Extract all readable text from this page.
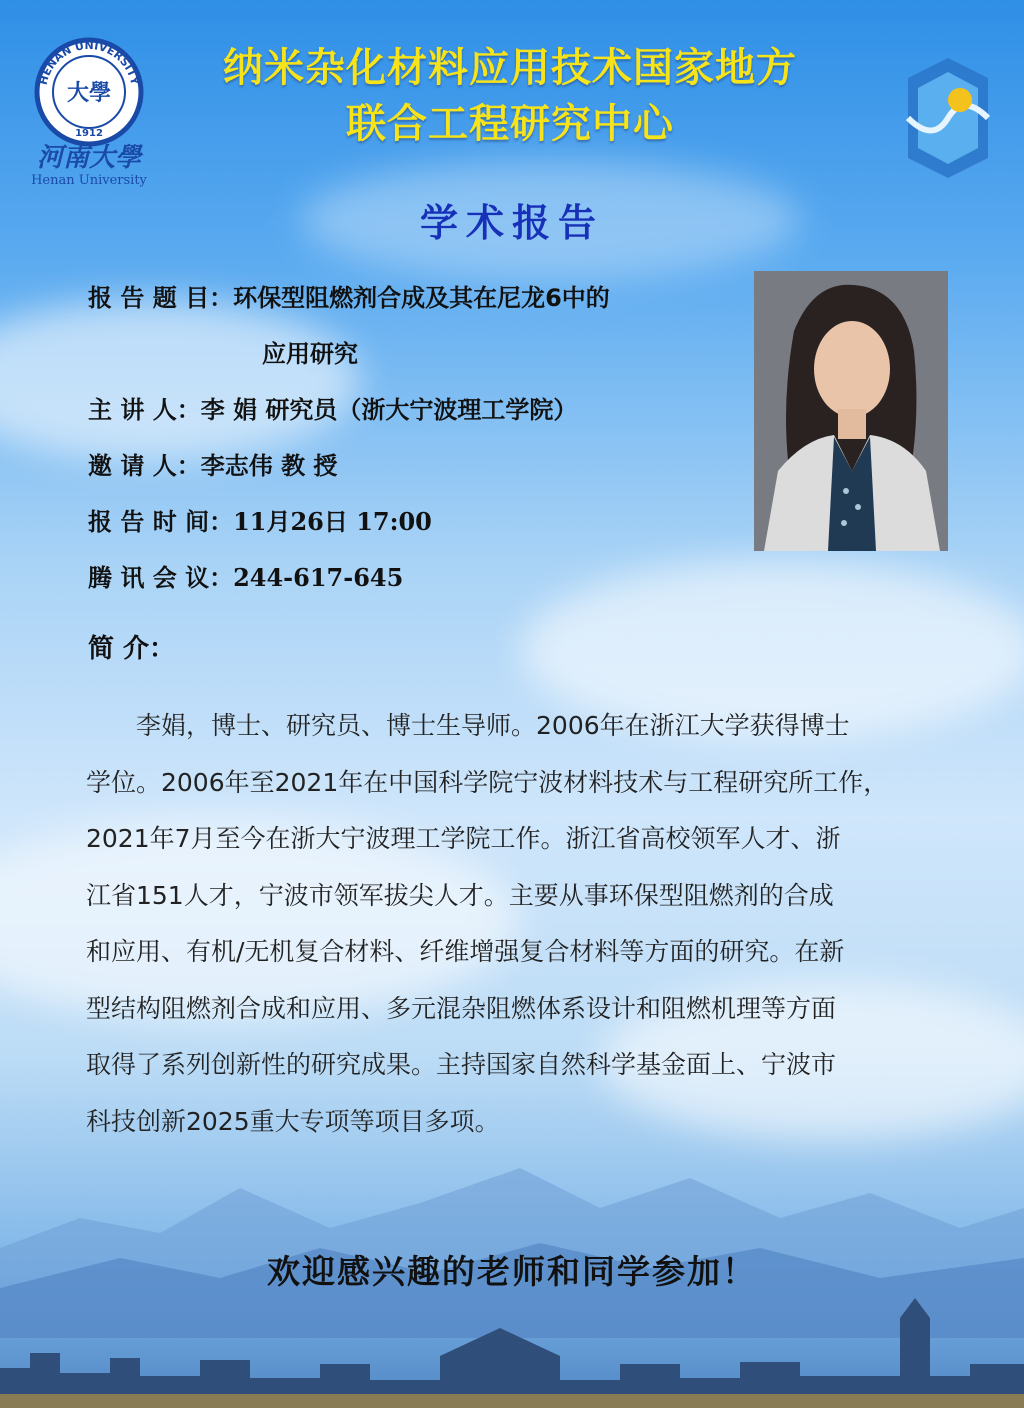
HENAN UNIVERSITY
大學
1912
河南大學
Henan University
纳米杂化材料应用技术国家地方
联合工程研究中心
学术报告
报 告 题 目：环保型阻燃剂合成及其在尼龙6中的
应用研究
主 讲 人：李 娟 研究员（浙大宁波理工学院）
邀 请 人：李志伟 教 授
报 告 时 间：11月26日 17:00
腾 讯 会 议：244-617-645
简 介：
　　李娟，博士、研究员、博士生导师。2006年在浙江大学获得博士
学位。2006年至2021年在中国科学院宁波材料技术与工程研究所工作，
2021年7月至今在浙大宁波理工学院工作。浙江省高校领军人才、浙
江省151人才，宁波市领军拔尖人才。主要从事环保型阻燃剂的合成
和应用、有机/无机复合材料、纤维增强复合材料等方面的研究。在新
型结构阻燃剂合成和应用、多元混杂阻燃体系设计和阻燃机理等方面
取得了系列创新性的研究成果。主持国家自然科学基金面上、宁波市
科技创新2025重大专项等项目多项。
欢迎感兴趣的老师和同学参加！
